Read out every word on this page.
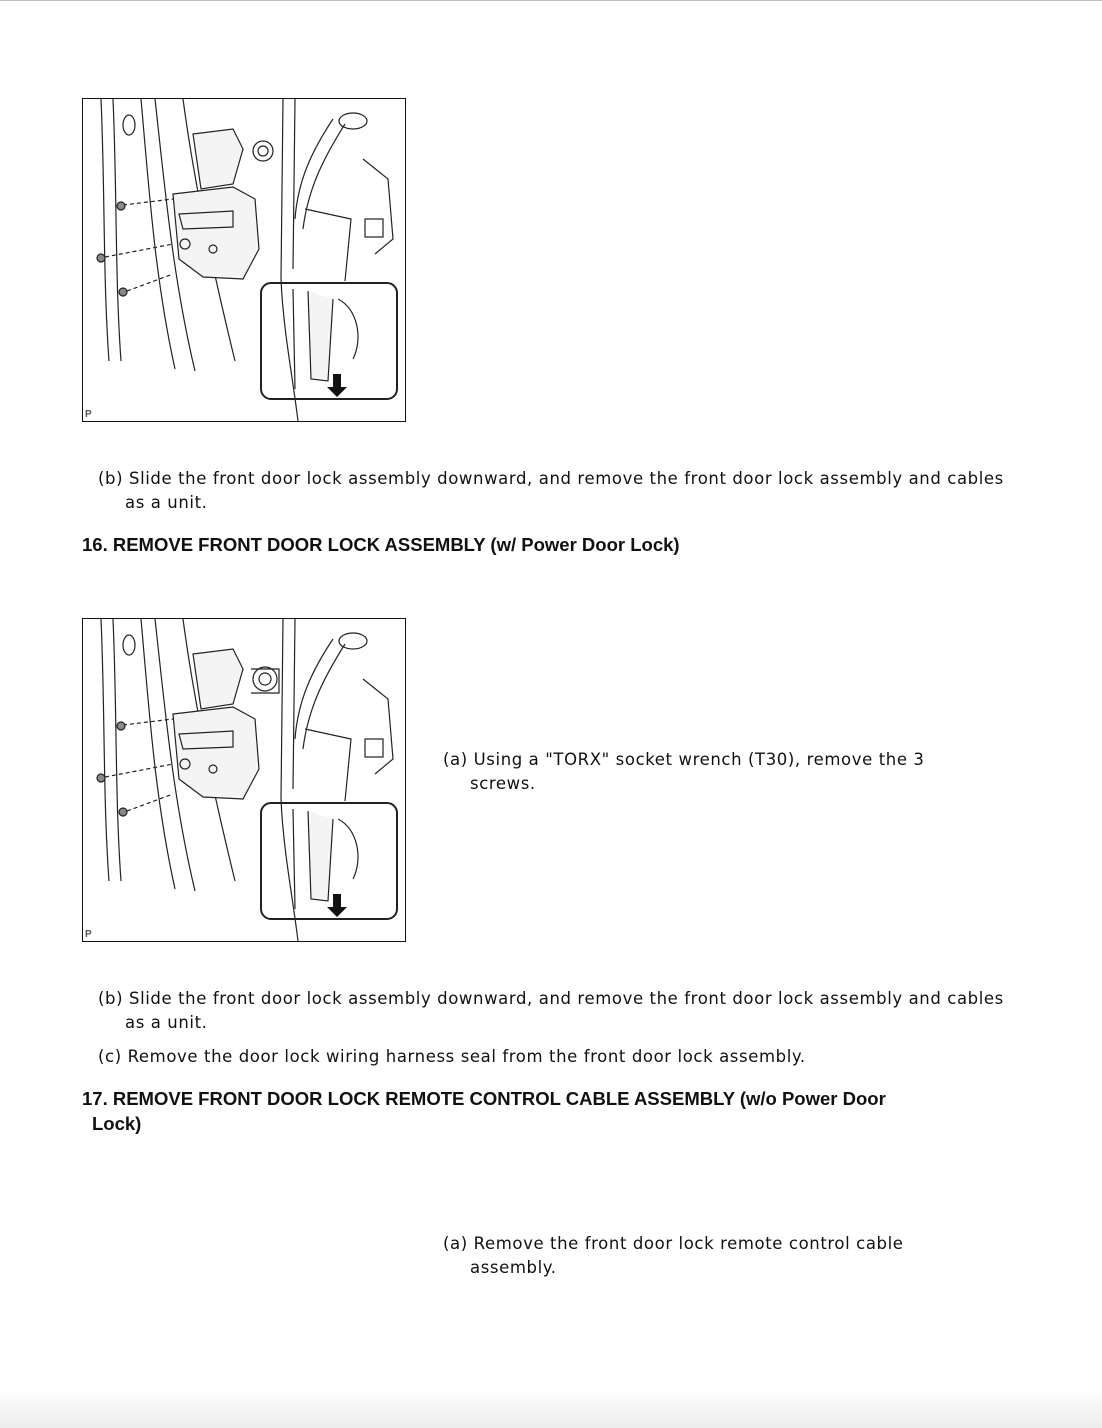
P

(b) Slide the front door lock assembly downward, and remove the front door lock assembly and cables
as a unit.

16. REMOVE FRONT DOOR LOCK ASSEMBLY (w/ Power Door Lock)
P

(a) Using a "TORX" socket wrench (T30), remove the 3
screws.

(b) Slide the front door lock assembly downward, and remove the front door lock assembly and cables
as a unit.

(c) Remove the door lock wiring harness seal from the front door lock assembly.

17. REMOVE FRONT DOOR LOCK REMOTE CONTROL CABLE ASSEMBLY (w/o Power Door
Lock)

(a) Remove the front door lock remote control cable
assembly.
